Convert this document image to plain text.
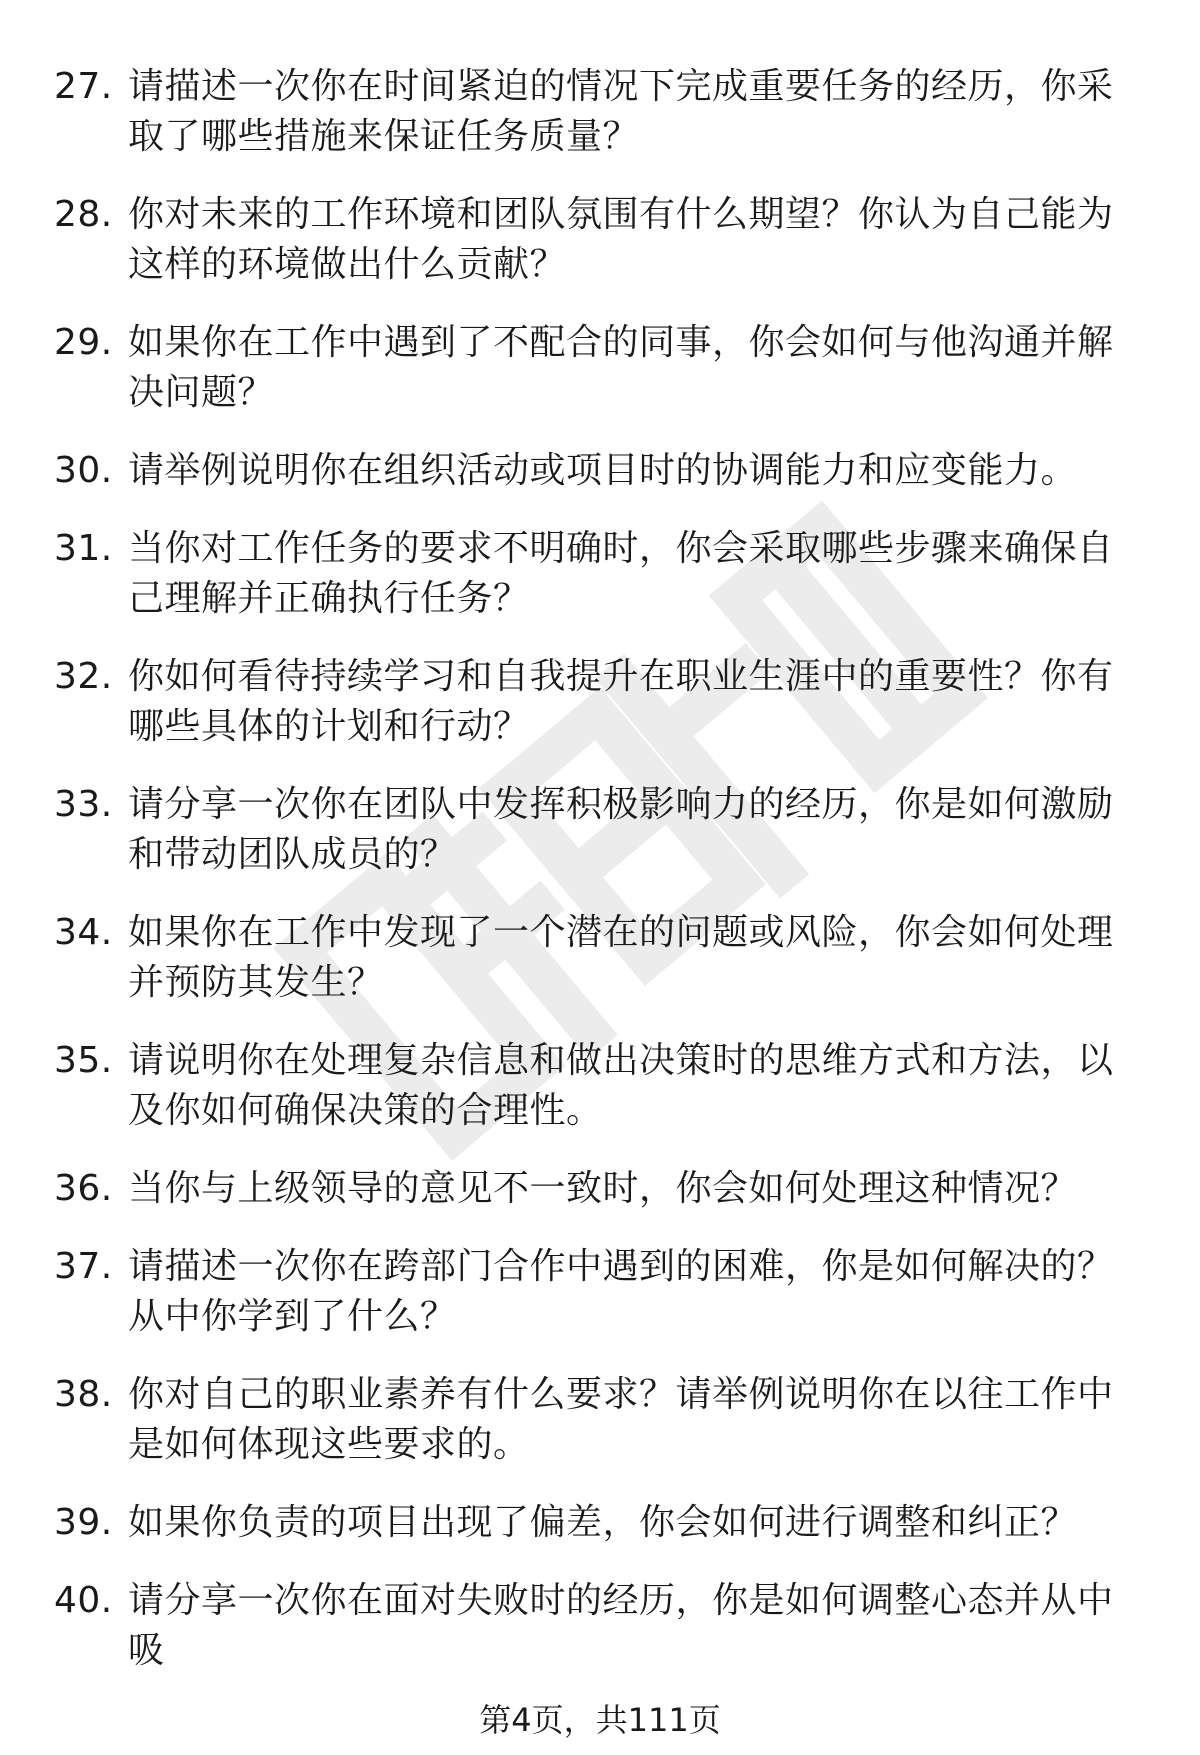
27. 请描述一次你在时间紧迫的情况下完成重要任务的经历，你采取了哪些措施来保证任务质量？
28. 你对未来的工作环境和团队氛围有什么期望？你认为自己能为这样的环境做出什么贡献？
29. 如果你在工作中遇到了不配合的同事，你会如何与他沟通并解决问题？
30. 请举例说明你在组织活动或项目时的协调能力和应变能力。
31. 当你对工作任务的要求不明确时，你会采取哪些步骤来确保自己理解并正确执行任务？
32. 你如何看待持续学习和自我提升在职业生涯中的重要性？你有哪些具体的计划和行动？
33. 请分享一次你在团队中发挥积极影响力的经历，你是如何激励和带动团队成员的？
34. 如果你在工作中发现了一个潜在的问题或风险，你会如何处理并预防其发生？
35. 请说明你在处理复杂信息和做出决策时的思维方式和方法，以及你如何确保决策的合理性。
36. 当你与上级领导的意见不一致时，你会如何处理这种情况？
37. 请描述一次你在跨部门合作中遇到的困难，你是如何解决的？从中你学到了什么？
38. 你对自己的职业素养有什么要求？请举例说明你在以往工作中是如何体现这些要求的。
39. 如果你负责的项目出现了偏差，你会如何进行调整和纠正？
40. 请分享一次你在面对失败时的经历，你是如何调整心态并从中吸
第4页，共111页
